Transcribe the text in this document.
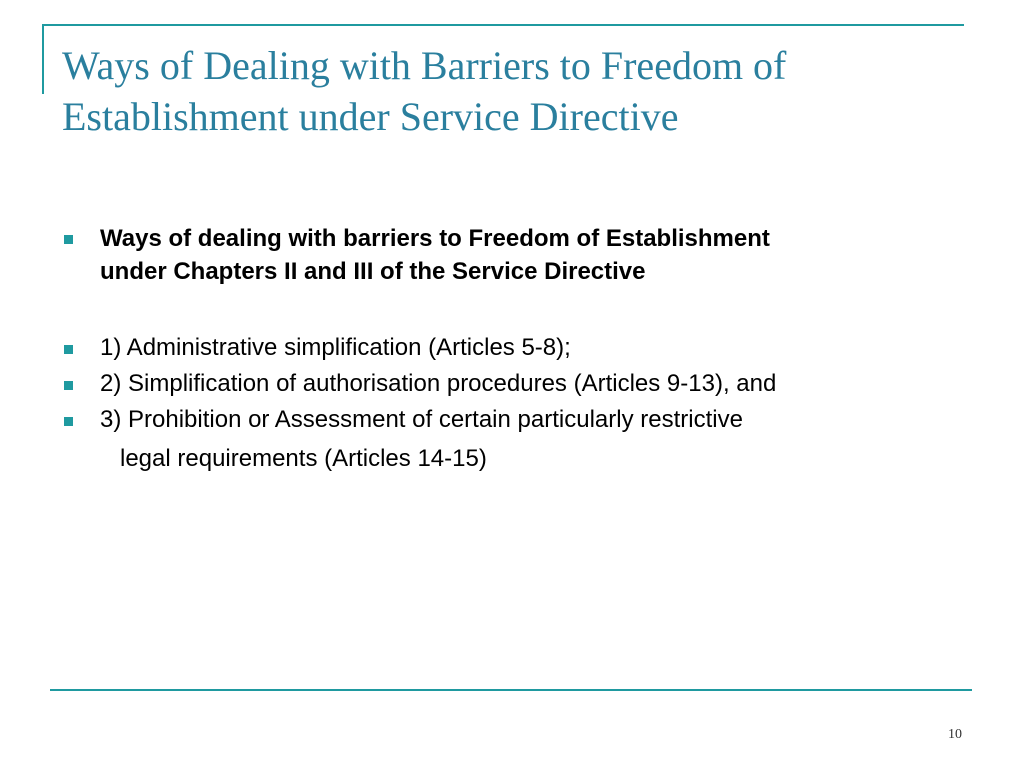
Ways of Dealing with Barriers to Freedom of
Establishment under Service Directive
Ways of dealing with barriers to Freedom of Establishment
under Chapters II and III of the Service Directive
1) Administrative simplification (Articles 5-8);
2) Simplification of authorisation procedures (Articles 9-13), and
3) Prohibition or Assessment of certain particularly restrictive
legal requirements (Articles 14-15)
10
